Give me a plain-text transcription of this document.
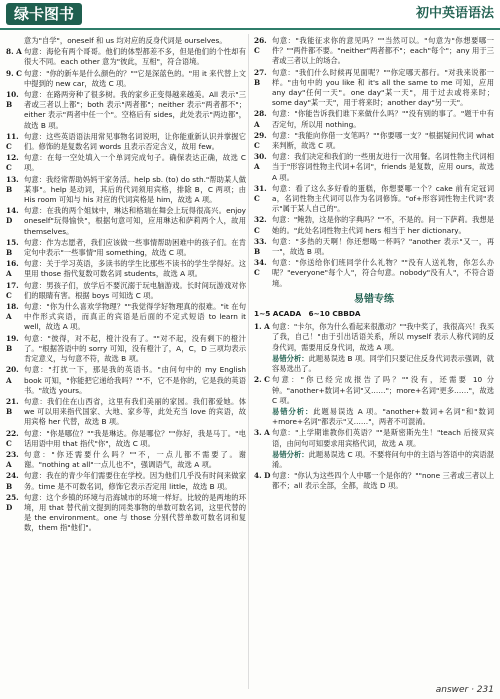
绿卡图书	初中英语语法
意为"自学"，oneself 和 us 均对应的反身代词是 ourselves。
8. A 句意：海伦有两个哥哥。他们的体型都差不多，但是他们的个性却有很大不同。each other 意为"彼此，互相"，符合语境。
9. C 句意："你的新车是什么颜色的？""它是深蓝色的。"用 it 来代替上文中提到的 new car，故选 C 项。
10. B
句意：在路两旁种了很多树。我的家乡正变得越来越美。All 表示"三者或三者以上都"；both 表示"两者都"；neither 表示"两者都不"；either 表示"两者中任一个"。空格后有 sides，此处表示"两边都"，故选 B 项。
11. C
句意：这些英语语法用常见事物名词说明，让你能重新认识并掌握它们。修饰的是复数名词 words 且表示否定含义，故用 few。
12. C
句意：在每一空处填入一个单词完成句子。确保表达正确，故选 C 项。
13. B
句意：我经常帮助妈妈干家务活。help sb. (to) do sth."帮助某人做某事"。help 是动词，其后的代词须用宾格，排除 B，C 两项；由 His room 可知与 his 对应的代词宾格是 him，故选 A 项。
14. D
句意：在我的两个姐妹中，琳达和格瑞在舞会上玩得很高兴。enjoy oneself"玩得愉快"，根据句意可知，应用琳达和萨莉两个人，故用 themselves。
15. B
句意：作为志愿者，我们应该做一些事情帮助困难中的孩子们。在肯定句中表示"一些事情"用 something，故选 C 项。
16. A
句意：关于学习英语，多读书的学生比那些不读书的学生学得好。这里用 those 指代复数可数名词 students，故选 A 项。
17. C
句意：男孩子们，放学后不要沉溺于玩电脑游戏。长时间玩游戏对你们的眼睛有害。根据 boys 可知选 C 项。
18. A
句意："你为什么喜欢学物理？""我觉得学好物理真的很难。"it 在句中作形式宾语，而真正的宾语是后面的不定式短语 to learn it well，故选 A 项。
19. B
句意："彼得，对不起，橙汁没有了。""对不起，没有剩下的橙汁了。"根据答语中的 sorry 可知，没有橙汁了，A，C，D 三项均表示肯定意义，与句意不符，故选 B 项。
20. A
句意："打扰一下，那是我的英语书。"由问句中的 my English book 可知，"你能把它递给我吗？""不，它不是你的，它是我的英语书。"故选 yours。
21. B
句意：我们住在山西省，这里有我们美丽的家园。我们都爱她。体 we 可以用来指代国家、大地、家乡等，此处充当 love 的宾语，故用宾格 her 代替，故选 B 项。
22. C
句意："你是哪位？""我是琳达。你是哪位？""你好，我是马丁。"电话用语中用 that 指代"你"，故选 C 项。
23. A
句意："你还需要什么吗？""不，一点儿都不需要了。谢谢。"nothing at all"一点儿也不"，强调语气，故选 A 项。
24. B
句意：我在的青少年们需要住在学校。因为他们几乎没有时间来做家务。time 是不可数名词，修饰它表示否定用 little，故选 B 项。
25. D
句意：这个乡镇的环境与沿海城市的环境一样好。比较的是两地的环境，用 that 替代前文提到的同类事物的单数可数名词，这里代替的是 the environment。one 与 those 分别代替单数可数名词和复数，them 指"他们"。
26. C
句意："我能征求你的意见吗？""当然可以。"句意为"你想要哪一件？""两件都不要。"neither"两者都不"；each"每个"；any 用于三者或三者以上的场合。
27. B
句意："我们什么时候再见面呢？""你定哪天都行。"对我来说都一样。"由句中的 you like 和 it's all the same to me 可知，应用 any day"任何一天"。one day"某一天"，用于过去或将来时；some day"某一天"，用于将来时；another day"另一天"。
28. A
句意："你能告诉我们谁下来做什么吗？""没有别的事了。"题干中有否定句，所以用 nothing。
29. C
句意："我能向你借一支笔吗？""你要哪一支？"根据疑问代词 what 来判断，故选 C 项。
30. A
句意：我们决定和我们的一些朋友进行一次用餐。名词性物主代词相当于"形容词性物主代词+名词"，friends 是复数，应用 ours，故选 A 项。
31. C
句意：看了这么多好看的蛋糕，你想要哪一个？cake 前有定冠词 a，名词性物主代词可以作为名词修饰。"of+形容词性物主代词"表示"属于某人自己的"。
32. C
句意："鲍勃，这是你的字典吗？""不，不是的。问一下萨莉。我想是她的。"此处名词性物主代词 hers 相当于 her dictionary。
33. B
句意："多热的天啊！你还想喝一杯吗？"another 表示"又一，再一"，故选 B 项。
34. C
句意："你送给你们班同学什么礼物？""没有人送礼物，你怎么办呢？"everyone"每个人"，符合句意。nobody"没有人"，不符合语境。
易错专练
1~5 ACADA　6~10 CBBDA
1. A 句意："卡尔，你为什么看起来很激动？""我中奖了，我很高兴！我买了我，自己！"由于引出话语关系，所以 myself 表示人称代词的反身代词，需要用反身代词，故选 A 项。
易错分析：此题易误选 B 项。同学们只要记住反身代词表示强调，就容易选出了。
2. C 句意："你已经完成报告了吗？""没有，还需要 10 分钟。"another+数词+名词"又……"；more+名词"更多……"，故选 C 项。
易错分析：此题易误选 A 项。"another+数词+名词"和"数词+more+名词"都表示"又……"，两者不可混淆。
3. A 句意："上学期谁教你们英语？""是斯密斯先生！"teach 后接双宾语，由问句可知要求用宾格代词，故选 A 项。
易错分析：此题易误选 C 项。不要将问句中的主语与答语中的宾语混淆。
4. D 句意："你认为这些四个人中哪一个是你的？""none 三者或三者以上都不；all 表示全部，全都，故选 D 项。
answer · 231
